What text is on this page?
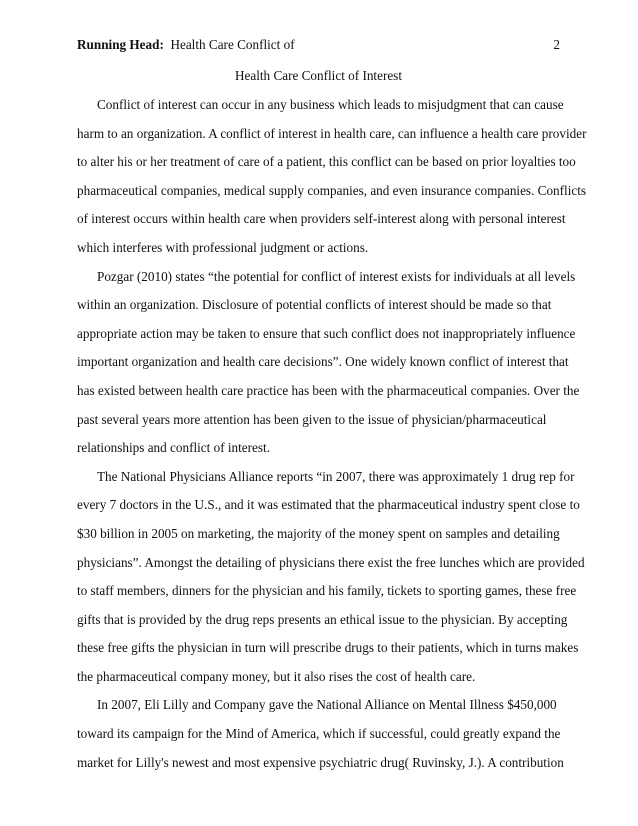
Running Head: Health Care Conflict of	2
Health Care Conflict of Interest
Conflict of interest can occur in any business which leads to misjudgment that can cause
harm to an organization. A conflict of interest in health care, can influence a health care provider
to alter his or her treatment of care of a patient, this conflict can be based on prior loyalties too
pharmaceutical companies, medical supply companies, and even insurance companies. Conflicts
of interest occurs within health care when providers self-interest along with personal interest
which interferes with professional judgment or actions.
Pozgar (2010) states “the potential for conflict of interest exists for individuals at all levels
within an organization. Disclosure of potential conflicts of interest should be made so that
appropriate action may be taken to ensure that such conflict does not inappropriately influence
important organization and health care decisions”. One widely known conflict of interest that
has existed between health care practice has been with the pharmaceutical companies. Over the
past several years more attention has been given to the issue of physician/pharmaceutical
relationships and conflict of interest.
The National Physicians Alliance reports “in 2007, there was approximately 1 drug rep for
every 7 doctors in the U.S., and it was estimated that the pharmaceutical industry spent close to
$30 billion in 2005 on marketing, the majority of the money spent on samples and detailing
physicians”. Amongst the detailing of physicians there exist the free lunches which are provided
to staff members, dinners for the physician and his family, tickets to sporting games, these free
gifts that is provided by the drug reps presents an ethical issue to the physician. By accepting
these free gifts the physician in turn will prescribe drugs to their patients, which in turns makes
the pharmaceutical company money, but it also rises the cost of health care.
In 2007, Eli Lilly and Company gave the National Alliance on Mental Illness $450,000
toward its campaign for the Mind of America, which if successful, could greatly expand the
market for Lilly's newest and most expensive psychiatric drug( Ruvinsky, J.). A contribution
